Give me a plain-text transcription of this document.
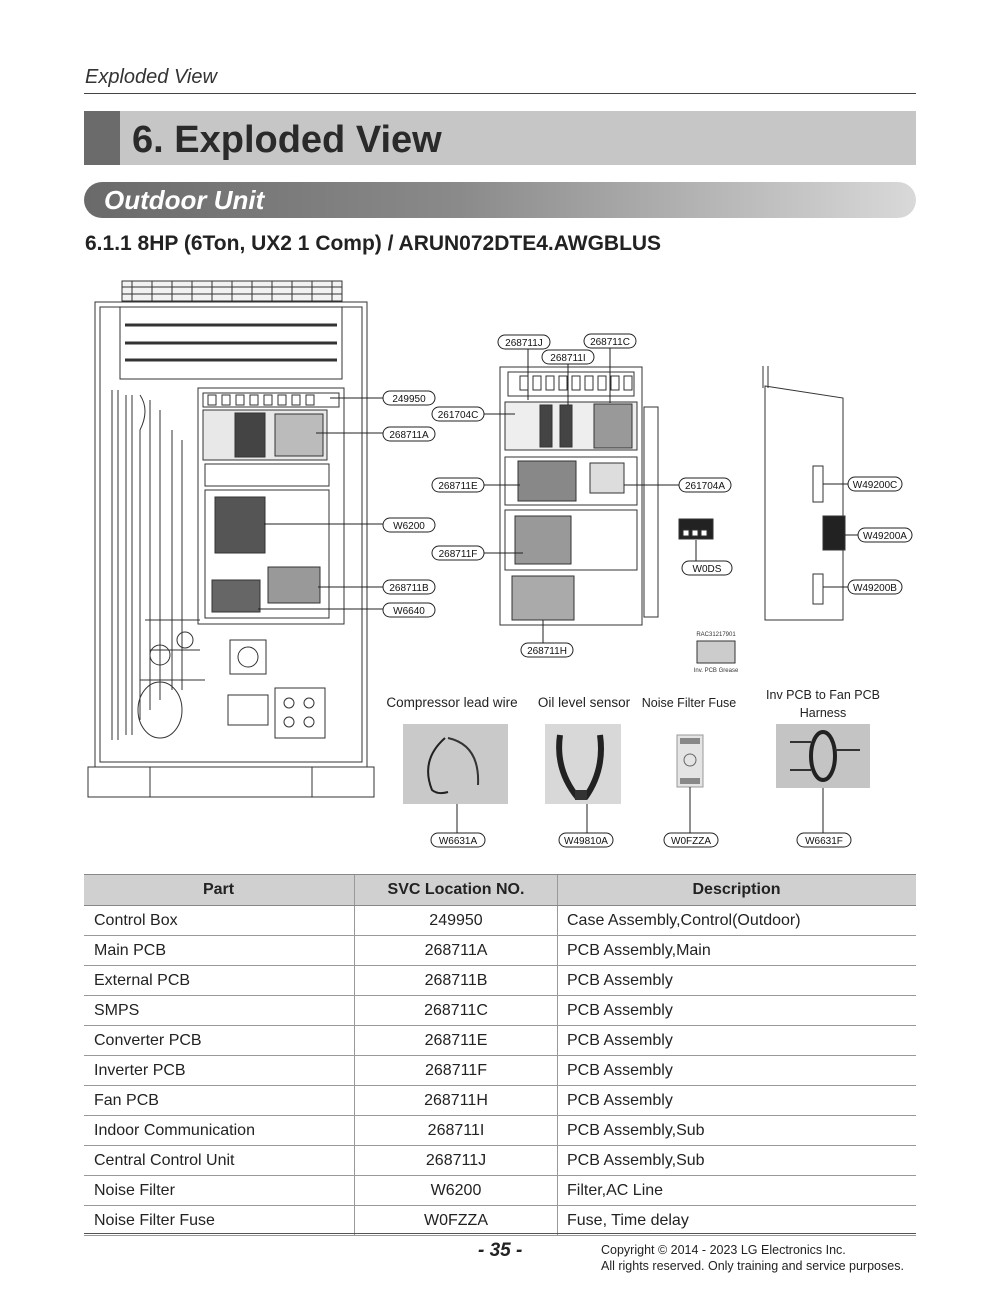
Exploded View
6. Exploded View
Outdoor Unit
6.1.1 8HP (6Ton, UX2 1 Comp) / ARUN072DTE4.AWGBLUS
249950
268711A
W6200
268711B
W6640
261704C
268711J	268711C
268711I
268711E	261704A
268711F
W0DS
268711H
W49200C
W49200A
W49200B
RAC31217901
Inv. PCB Grease
Compressor lead wire Oil level sensor Noise Filter Fuse
Inv PCB to Fan PCB
Harness
W6631A	W49810A	W0FZZA	W6631F
Part	SVC Location NO.	Description
Control Box	249950	Case Assembly,Control(Outdoor)
Main PCB	268711A	PCB Assembly,Main
External PCB	268711B	PCB Assembly
SMPS	268711C	PCB Assembly
Converter PCB	268711E	PCB Assembly
Inverter PCB	268711F	PCB Assembly
Fan PCB	268711H	PCB Assembly
Indoor Communication	268711I	PCB Assembly,Sub
Central Control Unit	268711J	PCB Assembly,Sub
Noise Filter	W6200	Filter,AC Line
Noise Filter Fuse	W0FZZA	Fuse, Time delay
- 35 -	Copyright © 2014 - 2023 LG Electronics Inc.
All rights reserved. Only training and service purposes.
